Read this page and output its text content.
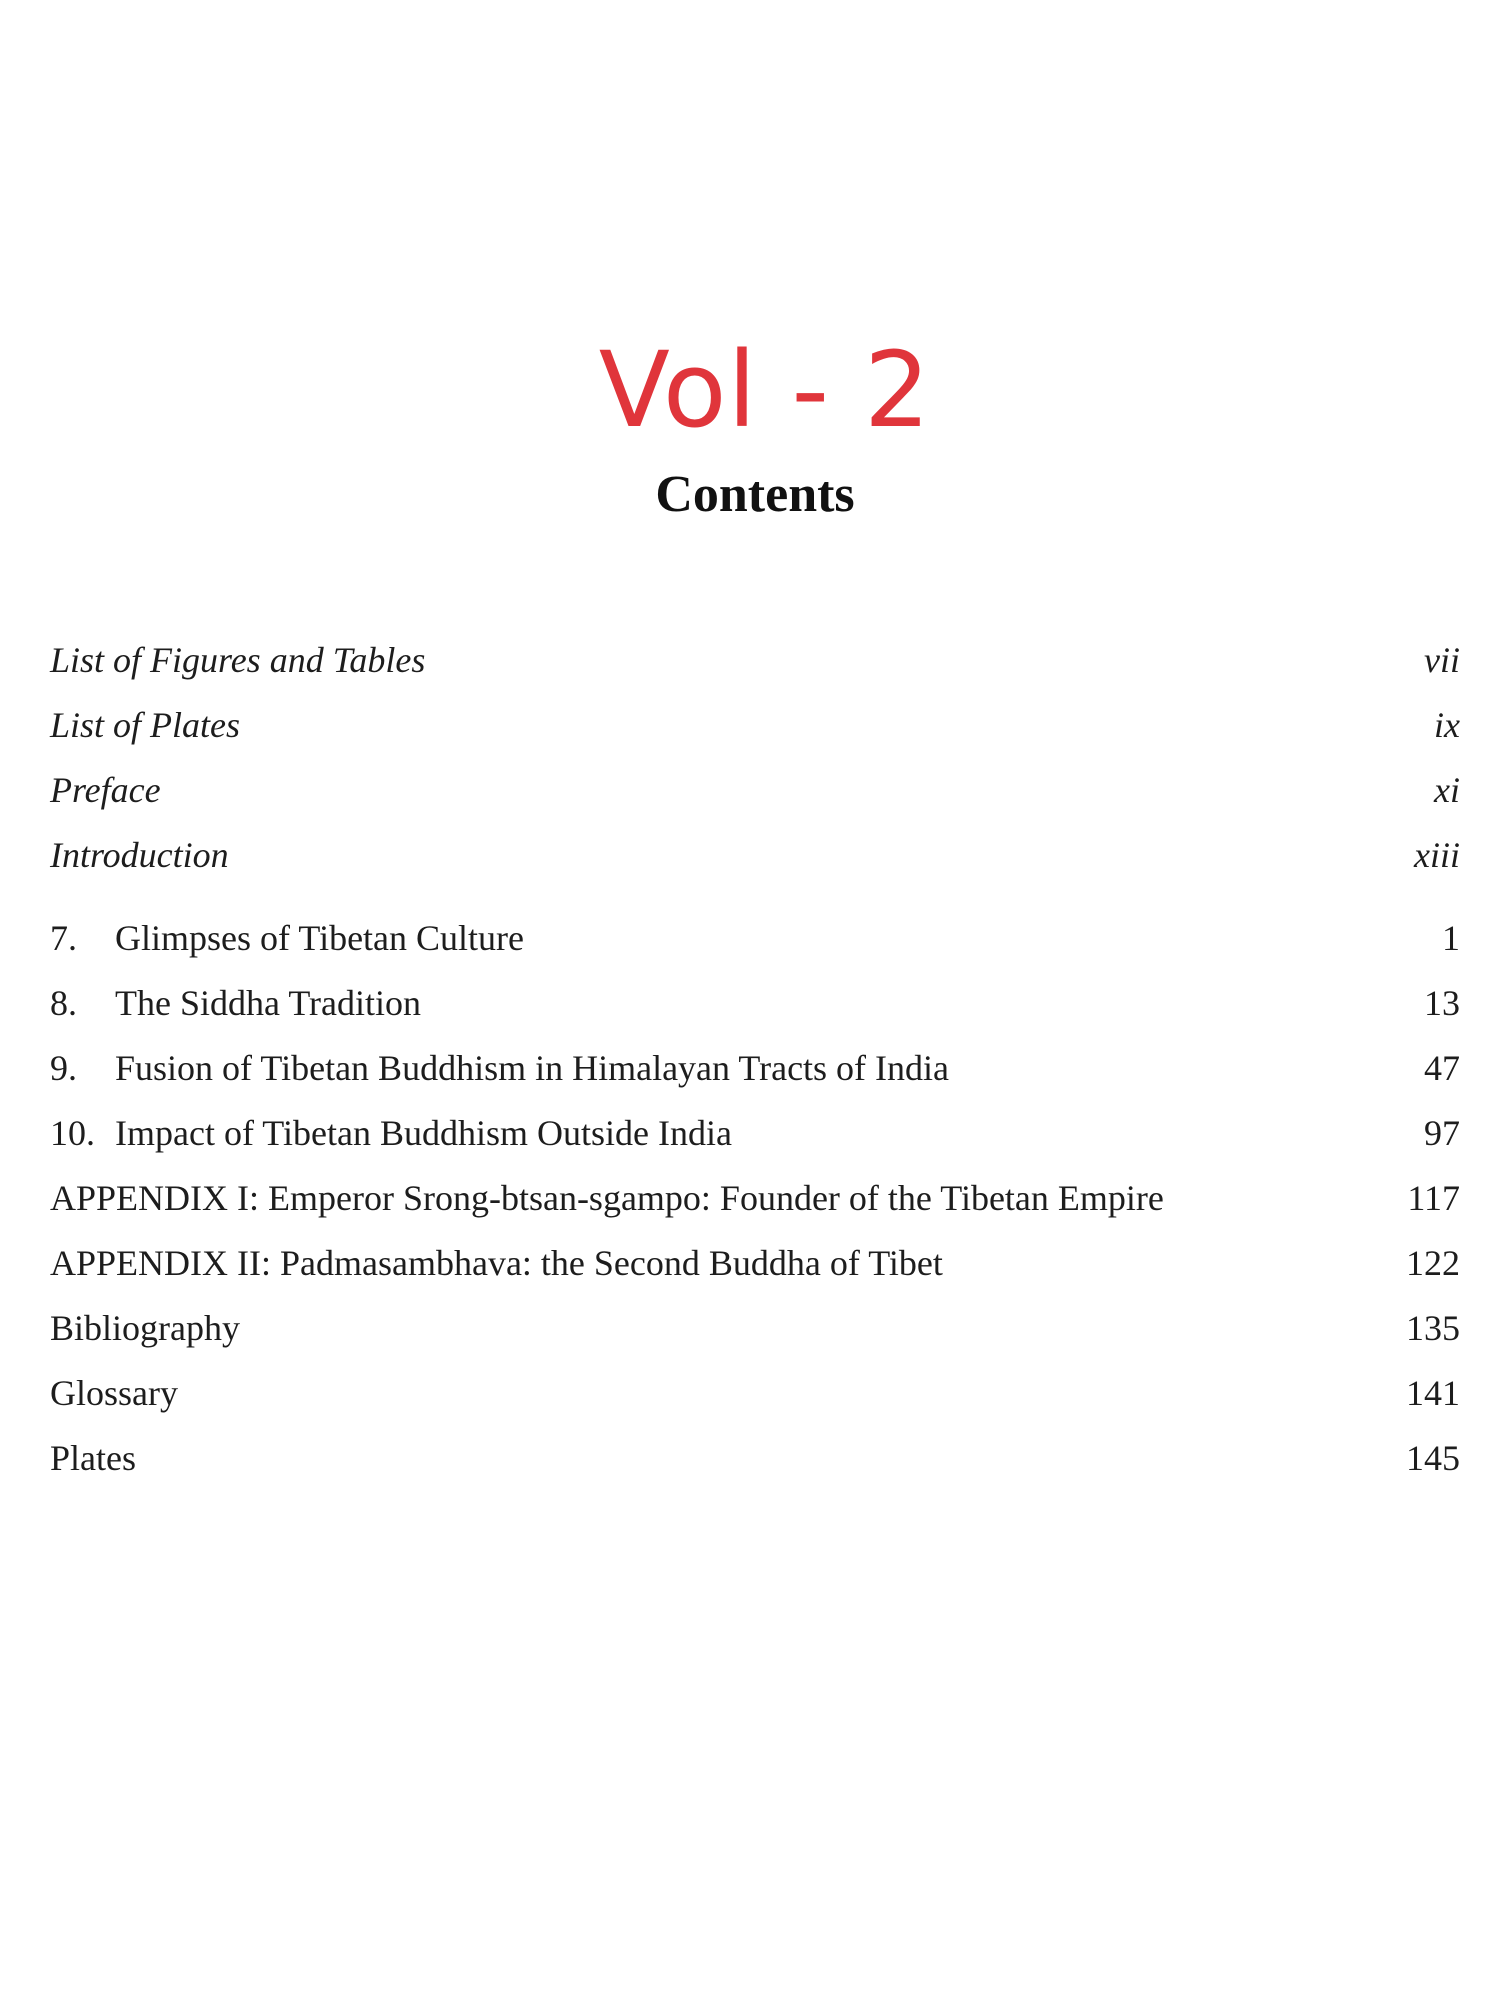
Vol - 2
Contents
List of Figures and Tables	vii
List of Plates	ix
Preface	xi
Introduction	xiii
7. Glimpses of Tibetan Culture	1
8. The Siddha Tradition	13
9. Fusion of Tibetan Buddhism in Himalayan Tracts of India	47
10. Impact of Tibetan Buddhism Outside India	97
APPENDIX I: Emperor Srong-btsan-sgampo: Founder of the Tibetan Empire	117
APPENDIX II: Padmasambhava: the Second Buddha of Tibet	122
Bibliography	135
Glossary	141
Plates	145
